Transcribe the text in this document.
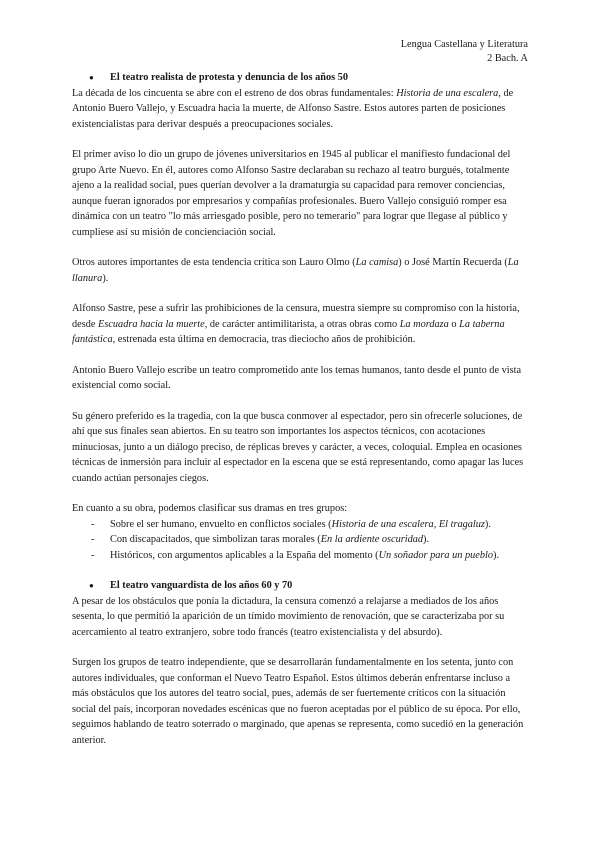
Lengua Castellana y Literatura
2 Bach. A
● El teatro realista de protesta y denuncia de los años 50

La década de los cincuenta se abre con el estreno de dos obras fundamentales: Historia de una escalera, de Antonio Buero Vallejo, y Escuadra hacia la muerte, de Alfonso Sastre. Estos autores parten de posiciones existencialistas para derivar después a preocupaciones sociales.

El primer aviso lo dio un grupo de jóvenes universitarios en 1945 al publicar el manifiesto fundacional del grupo Arte Nuevo. En él, autores como Alfonso Sastre declaraban su rechazo al teatro burgués, totalmente ajeno a la realidad social, pues querían devolver a la dramaturgia su capacidad para remover conciencias, aunque fueran ignorados por empresarios y compañías profesionales. Buero Vallejo consiguió romper esa dinámica con un teatro "lo más arriesgado posible, pero no temerario" para lograr que llegase al público y cumpliese así su misión de concienciación social.

Otros autores importantes de esta tendencia crítica son Lauro Olmo (La camisa) o José Martín Recuerda (La llanura).

Alfonso Sastre, pese a sufrir las prohibiciones de la censura, muestra siempre su compromiso con la historia, desde Escuadra hacia la muerte, de carácter antimilitarista, a otras obras como La mordaza o La taberna fantástica, estrenada esta última en democracia, tras dieciocho años de prohibición.

Antonio Buero Vallejo escribe un teatro comprometido ante los temas humanos, tanto desde el punto de vista existencial como social.

Su género preferido es la tragedia, con la que busca conmover al espectador, pero sin ofrecerle soluciones, de ahí que sus finales sean abiertos. En su teatro son importantes los aspectos técnicos, con acotaciones minuciosas, junto a un diálogo preciso, de réplicas breves y carácter, a veces, coloquial. Emplea en ocasiones técnicas de inmersión para incluir al espectador en la escena que se está representando, como apagar las luces cuando actúan personajes ciegos.

En cuanto a su obra, podemos clasificar sus dramas en tres grupos:

- Sobre el ser humano, envuelto en conflictos sociales (Historia de una escalera, El tragaluz).
- Con discapacitados, que simbolizan taras morales (En la ardiente oscuridad).
- Históricos, con argumentos aplicables a la España del momento (Un soñador para un pueblo).
● El teatro vanguardista de los años 60 y 70

A pesar de los obstáculos que ponía la dictadura, la censura comenzó a relajarse a mediados de los años sesenta, lo que permitió la aparición de un tímido movimiento de renovación, que se caracterizaba por su acercamiento al teatro extranjero, sobre todo francés (teatro existencialista y del absurdo).

Surgen los grupos de teatro independiente, que se desarrollarán fundamentalmente en los setenta, junto con autores individuales, que conforman el Nuevo Teatro Español. Estos últimos deberán enfrentarse incluso a más obstáculos que los autores del teatro social, pues, además de ser fuertemente críticos con la situación social del país, incorporan novedades escénicas que no fueron aceptadas por el público de su época. Por ello, seguimos hablando de teatro soterrado o marginado, que apenas se representa, como sucedió en la generación anterior.
